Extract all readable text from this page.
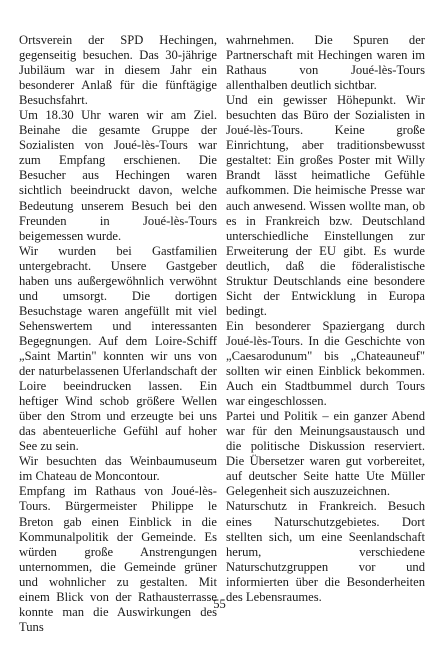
Ortsverein der SPD Hechingen, gegenseitig besuchen. Das 30-jährige Jubiläum war in diesem Jahr ein besonderer Anlaß für die fünftägige Besuchsfahrt.

Um 18.30 Uhr waren wir am Ziel. Beinahe die gesamte Gruppe der Sozialisten von Joué-lès-Tours war zum Empfang erschienen. Die Besucher aus Hechingen waren sichtlich beeindruckt davon, welche Bedeutung unserem Besuch bei den Freunden in Joué-lès-Tours beigemessen wurde.

Wir wurden bei Gastfamilien untergebracht. Unsere Gastgeber haben uns außergewöhnlich verwöhnt und umsorgt. Die dortigen Besuchstage waren angefüllt mit viel Sehenswertem und interessanten Begegnungen. Auf dem Loire-Schiff „Saint Martin" konnten wir uns von der naturbelassenen Uferlandschaft der Loire beeindrucken lassen. Ein heftiger Wind schob größere Wellen über den Strom und erzeugte bei uns das abenteuerliche Gefühl auf hoher See zu sein.

Wir besuchten das Weinbaumuseum im Chateau de Moncontour.

Empfang im Rathaus von Joué-lès-Tours. Bürgermeister Philippe le Breton gab einen Einblick in die Kommunalpolitik der Gemeinde. Es würden große Anstrengungen unternommen, die Gemeinde grüner und wohnlicher zu gestalten. Mit einem Blick von der Rathausterrasse konnte man die Auswirkungen des Tuns

wahrnehmen. Die Spuren der Partnerschaft mit Hechingen waren im Rathaus von Joué-lès-Tours allenthalben deutlich sichtbar.

Und ein gewisser Höhepunkt. Wir besuchten das Büro der Sozialisten in Joué-lès-Tours. Keine große Einrichtung, aber traditionsbewusst gestaltet: Ein großes Poster mit Willy Brandt lässt heimatliche Gefühle aufkommen. Die heimische Presse war auch anwesend. Wissen wollte man, ob es in Frankreich bzw. Deutschland unterschiedliche Einstellungen zur Erweiterung der EU gibt. Es wurde deutlich, daß die föderalistische Struktur Deutschlands eine besondere Sicht der Entwicklung in Europa bedingt.

Ein besonderer Spaziergang durch Joué-lès-Tours. In die Geschichte von „Caesarodunum" bis „Chateauneuf" sollten wir einen Einblick bekommen. Auch ein Stadtbummel durch Tours war eingeschlossen.

Partei und Politik – ein ganzer Abend war für den Meinungsaustausch und die politische Diskussion reserviert. Die Übersetzer waren gut vorbereitet, auf deutscher Seite hatte Ute Müller Gelegenheit sich auszuzeichnen.

Naturschutz in Frankreich. Besuch eines Naturschutzgebietes. Dort stellten sich, um eine Seenlandschaft herum, verschiedene Naturschutzgruppen vor und informierten über die Besonderheiten des Lebensraumes.

55
